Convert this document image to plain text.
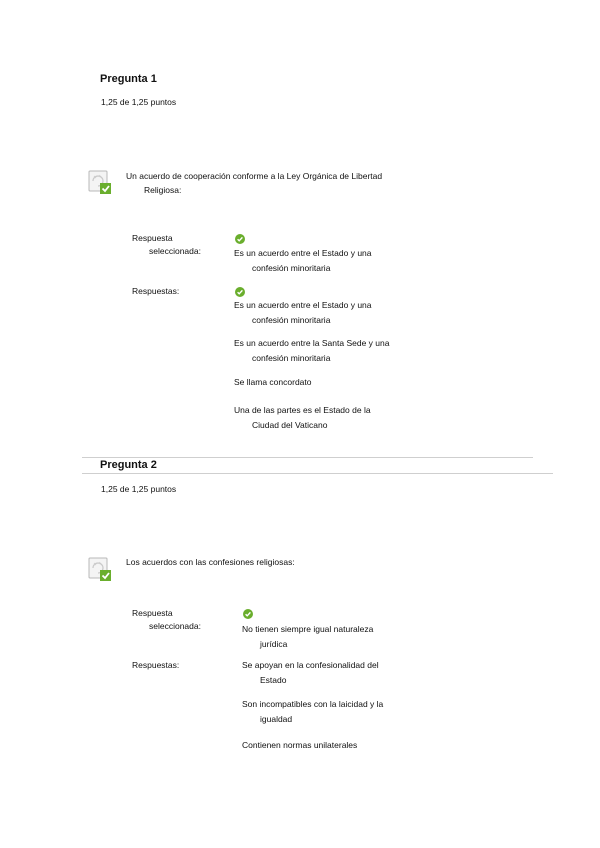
Pregunta 1
1,25 de 1,25 puntos
Un acuerdo de cooperación conforme a la Ley Orgánica de Libertad
Religiosa:
Respuesta
seleccionada:	Es un acuerdo entre el Estado y una
confesión minoritaria
Respuestas:
Es un acuerdo entre el Estado y una
confesión minoritaria
Es un acuerdo entre la Santa Sede y una
confesión minoritaria
Se llama concordato
Una de las partes es el Estado de la
Ciudad del Vaticano
Pregunta 2
1,25 de 1,25 puntos
Los acuerdos con las confesiones religiosas:
Respuesta
seleccionada:	No tienen siempre igual naturaleza
jurídica
Respuestas:	Se apoyan en la confesionalidad del
Estado
Son incompatibles con la laicidad y la
igualdad
Contienen normas unilaterales
